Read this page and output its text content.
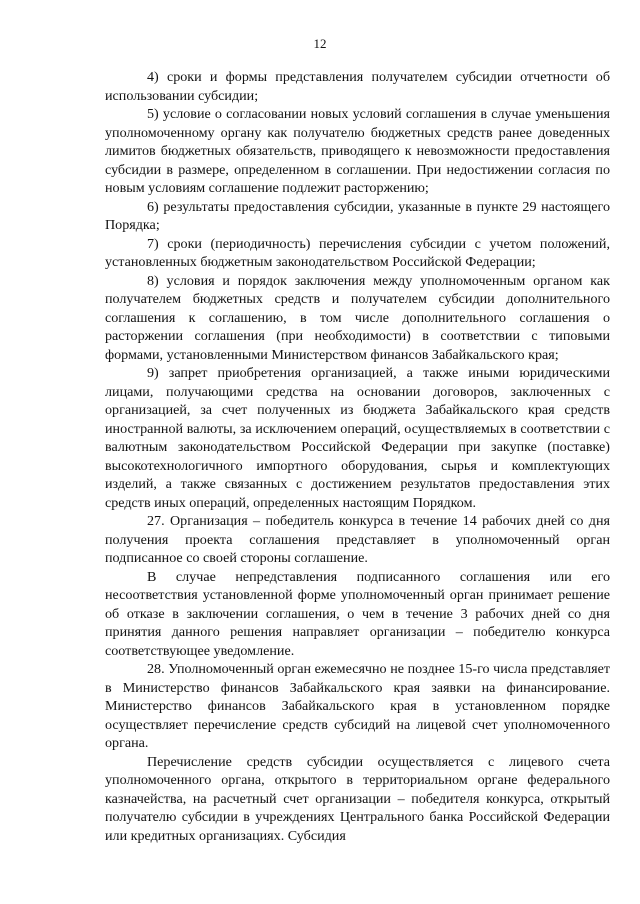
12

4) сроки и формы представления получателем субсидии отчетности об использовании субсидии;

5) условие о согласовании новых условий соглашения в случае уменьшения уполномоченному органу как получателю бюджетных средств ранее доведенных лимитов бюджетных обязательств, приводящего к невозможности предоставления субсидии в размере, определенном в соглашении. При недостижении согласия по новым условиям соглашение подлежит расторжению;

6) результаты предоставления субсидии, указанные в пункте 29 настоящего Порядка;

7) сроки (периодичность) перечисления субсидии с учетом положений, установленных бюджетным законодательством Российской Федерации;

8) условия и порядок заключения между уполномоченным органом как получателем бюджетных средств и получателем субсидии дополнительного соглашения к соглашению, в том числе дополнительного соглашения о расторжении соглашения (при необходимости) в соответствии с типовыми формами, установленными Министерством финансов Забайкальского края;

9) запрет приобретения организацией, а также иными юридическими лицами, получающими средства на основании договоров, заключенных с организацией, за счет полученных из бюджета Забайкальского края средств иностранной валюты, за исключением операций, осуществляемых в соответствии с валютным законодательством Российской Федерации при закупке (поставке) высокотехнологичного импортного оборудования, сырья и комплектующих изделий, а также связанных с достижением результатов предоставления этих средств иных операций, определенных настоящим Порядком.

27. Организация – победитель конкурса в течение 14 рабочих дней со дня получения проекта соглашения представляет в уполномоченный орган подписанное со своей стороны соглашение.

В случае непредставления подписанного соглашения или его несоответствия установленной форме уполномоченный орган принимает решение об отказе в заключении соглашения, о чем в течение 3 рабочих дней со дня принятия данного решения направляет организации – победителю конкурса соответствующее уведомление.

28. Уполномоченный орган ежемесячно не позднее 15-го числа представляет в Министерство финансов Забайкальского края заявки на финансирование. Министерство финансов Забайкальского края в установленном порядке осуществляет перечисление средств субсидий на лицевой счет уполномоченного органа.

Перечисление средств субсидии осуществляется с лицевого счета уполномоченного органа, открытого в территориальном органе федерального казначейства, на расчетный счет организации – победителя конкурса, открытый получателю субсидии в учреждениях Центрального банка Российской Федерации или кредитных организациях. Субсидия
